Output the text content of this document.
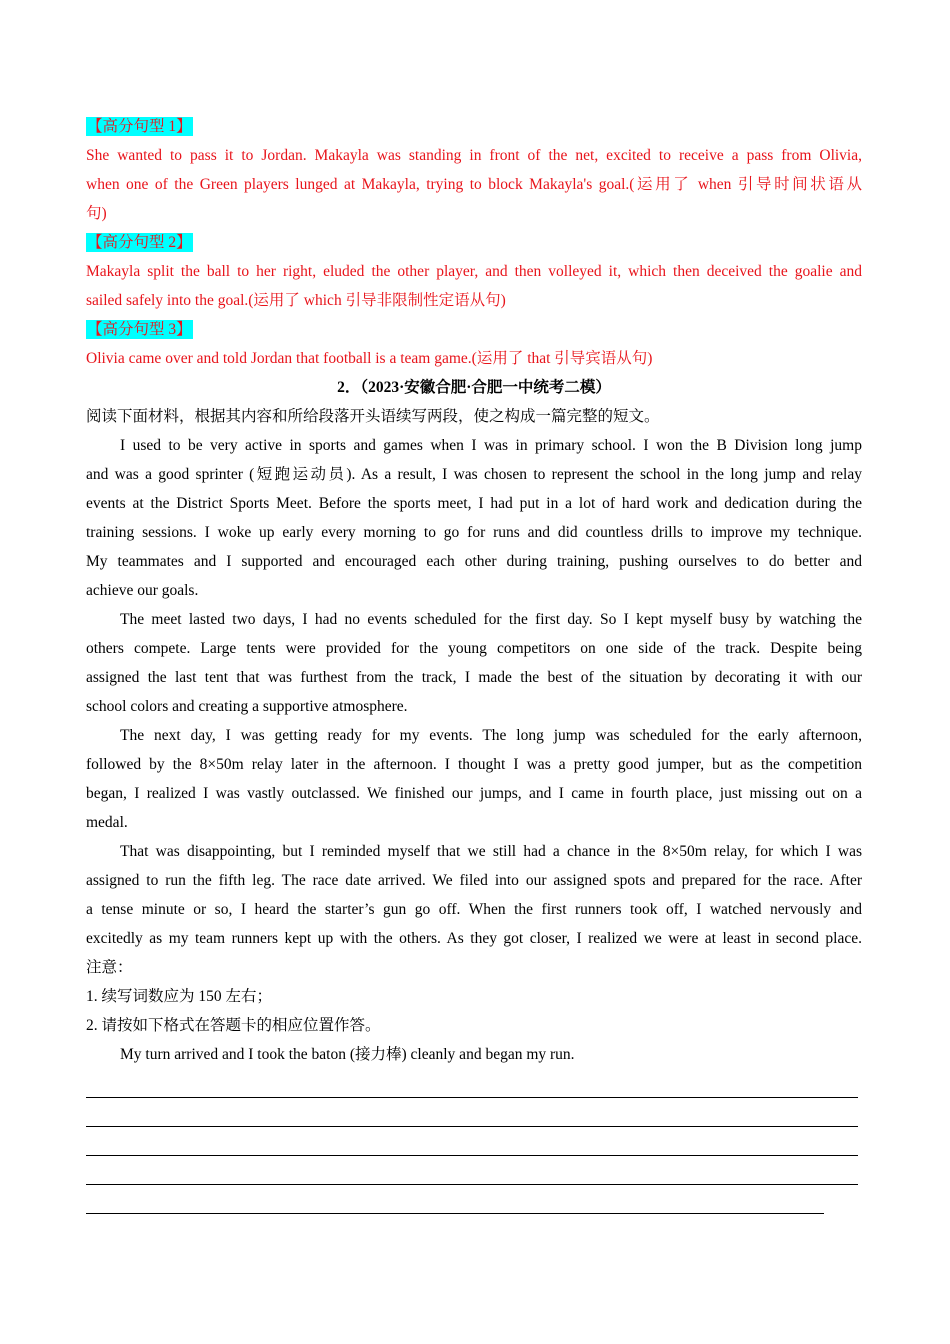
【高分句型 1】

She wanted to pass it to Jordan. Makayla was standing in front of the net, excited to receive a pass from Olivia,

when one of the Green players lunged at Makayla, trying to block Makayla's goal.(运用了 when 引导时间状语从

句)

【高分句型 2】

Makayla split the ball to her right, eluded the other player, and then volleyed it, which then deceived the goalie and

sailed safely into the goal.(运用了 which 引导非限制性定语从句)

【高分句型 3】

Olivia came over and told Jordan that football is a team game.(运用了 that 引导宾语从句)

2．（2023·安徽合肥·合肥一中统考二模）

阅读下面材料，根据其内容和所给段落开头语续写两段，使之构成一篇完整的短文。

I used to be very active in sports and games when I was in primary school. I won the B Division long jump

and was a good sprinter (短跑运动员). As a result, I was chosen to represent the school in the long jump and relay

events at the District Sports Meet. Before the sports meet, I had put in a lot of hard work and dedication during the

training sessions. I woke up early every morning to go for runs and did countless drills to improve my technique.

My teammates and I supported and encouraged each other during training, pushing ourselves to do better and

achieve our goals.

The meet lasted two days, I had no events scheduled for the first day. So I kept myself busy by watching the

others compete. Large tents were provided for the young competitors on one side of the track. Despite being

assigned the last tent that was furthest from the track, I made the best of the situation by decorating it with our

school colors and creating a supportive atmosphere.

The next day, I was getting ready for my events. The long jump was scheduled for the early afternoon,

followed by the 8×50m relay later in the afternoon. I thought I was a pretty good jumper, but as the competition

began, I realized I was vastly outclassed. We finished our jumps, and I came in fourth place, just missing out on a

medal.

That was disappointing, but I reminded myself that we still had a chance in the 8×50m relay, for which I was

assigned to run the fifth leg. The race date arrived. We filed into our assigned spots and prepared for the race. After

a tense minute or so, I heard the starter’s gun go off. When the first runners took off, I watched nervously and

excitedly as my team runners kept up with the others. As they got closer, I realized we were at least in second place.

注意：

1. 续写词数应为 150 左右；

2. 请按如下格式在答题卡的相应位置作答。

My turn arrived and I took the baton (接力棒) cleanly and began my run.
